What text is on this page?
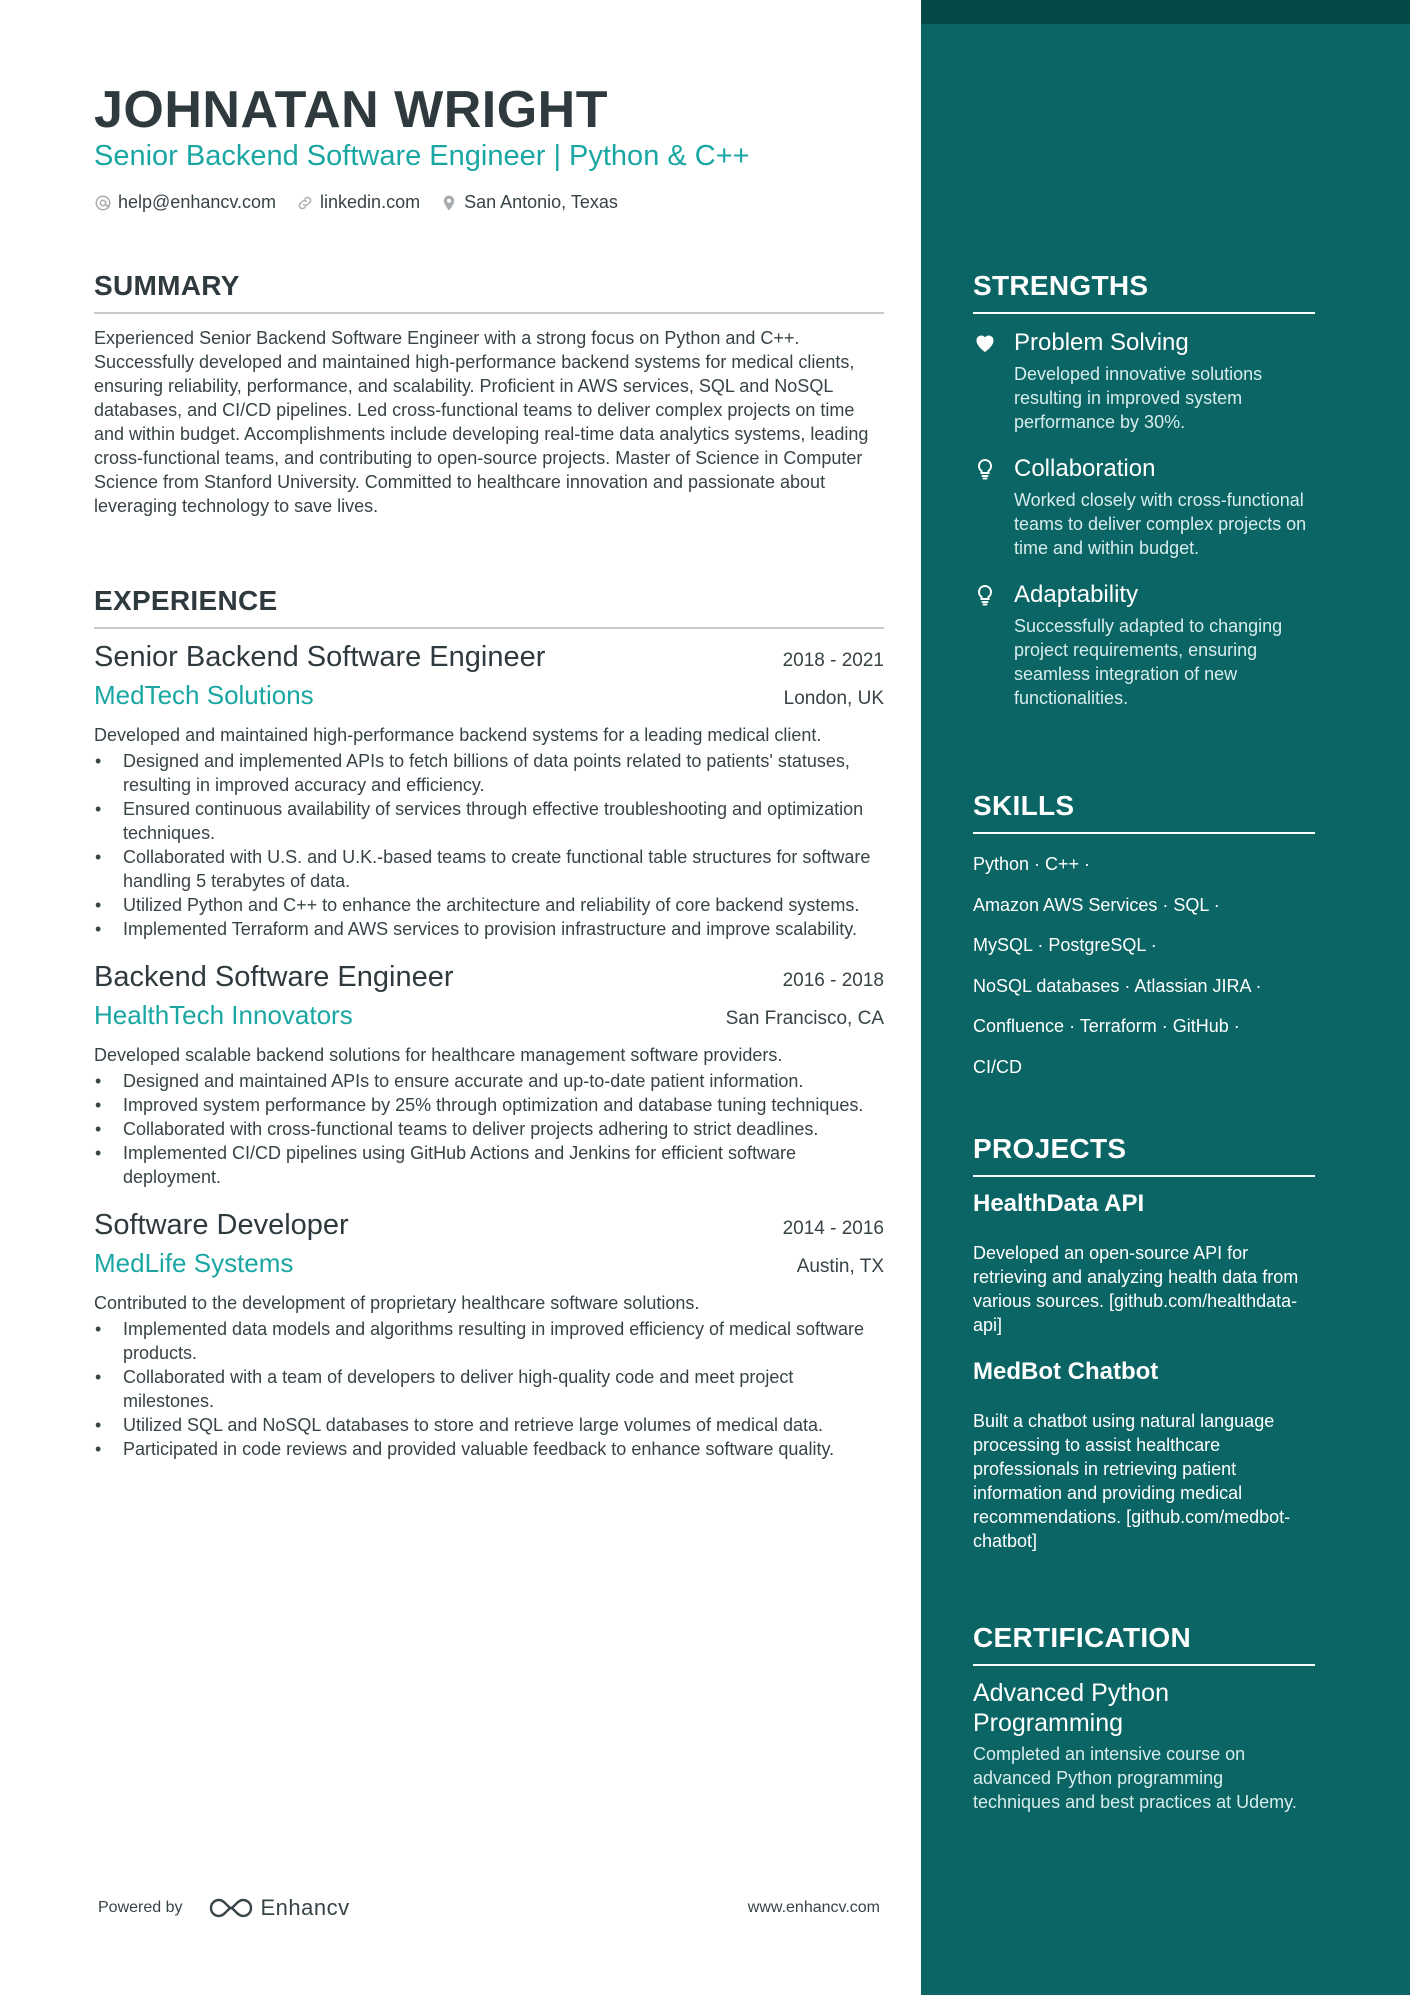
JOHNATAN WRIGHT
Senior Backend Software Engineer | Python & C++
help@enhancv.com linkedin.com San Antonio, Texas
SUMMARY

Experienced Senior Backend Software Engineer with a strong focus on Python and C++. Successfully developed and maintained high-performance backend systems for medical clients, ensuring reliability, performance, and scalability. Proficient in AWS services, SQL and NoSQL databases, and CI/CD pipelines. Led cross-functional teams to deliver complex projects on time and within budget. Accomplishments include developing real-time data analytics systems, leading cross-functional teams, and contributing to open-source projects. Master of Science in Computer Science from Stanford University. Committed to healthcare innovation and passionate about leveraging technology to save lives.

EXPERIENCE
Senior Backend Software Engineer	2018 - 2021
MedTech Solutions	London, UK

Developed and maintained high-performance backend systems for a leading medical client.

• Designed and implemented APIs to fetch billions of data points related to patients' statuses, resulting in improved accuracy and efficiency.
• Ensured continuous availability of services through effective troubleshooting and optimization techniques.
• Collaborated with U.S. and U.K.-based teams to create functional table structures for software handling 5 terabytes of data.
• Utilized Python and C++ to enhance the architecture and reliability of core backend systems.
• Implemented Terraform and AWS services to provision infrastructure and improve scalability.
Backend Software Engineer	2016 - 2018
HealthTech Innovators	San Francisco, CA

Developed scalable backend solutions for healthcare management software providers.

• Designed and maintained APIs to ensure accurate and up-to-date patient information.
• Improved system performance by 25% through optimization and database tuning techniques.
• Collaborated with cross-functional teams to deliver projects adhering to strict deadlines.
• Implemented CI/CD pipelines using GitHub Actions and Jenkins for efficient software deployment.
Software Developer	2014 - 2016
MedLife Systems	Austin, TX

Contributed to the development of proprietary healthcare software solutions.

• Implemented data models and algorithms resulting in improved efficiency of medical software products.
• Collaborated with a team of developers to deliver high-quality code and meet project milestones.
• Utilized SQL and NoSQL databases to store and retrieve large volumes of medical data.
• Participated in code reviews and provided valuable feedback to enhance software quality.
Powered by	Enhancv	www.enhancv.com
STRENGTHS
Problem Solving
Developed innovative solutions resulting in improved system performance by 30%.
Collaboration
Worked closely with cross-functional teams to deliver complex projects on time and within budget.
Adaptability
Successfully adapted to changing project requirements, ensuring seamless integration of new functionalities.
SKILLS
Python · C++ ·
Amazon AWS Services · SQL ·
MySQL · PostgreSQL ·
NoSQL databases · Atlassian JIRA ·
Confluence · Terraform · GitHub ·
CI/CD
PROJECTS
HealthData API
Developed an open-source API for retrieving and analyzing health data from various sources. [github.com/healthdata-api]
MedBot Chatbot
Built a chatbot using natural language processing to assist healthcare professionals in retrieving patient information and providing medical recommendations. [github.com/medbot-chatbot]
CERTIFICATION
Advanced Python Programming
Completed an intensive course on advanced Python programming techniques and best practices at Udemy.
